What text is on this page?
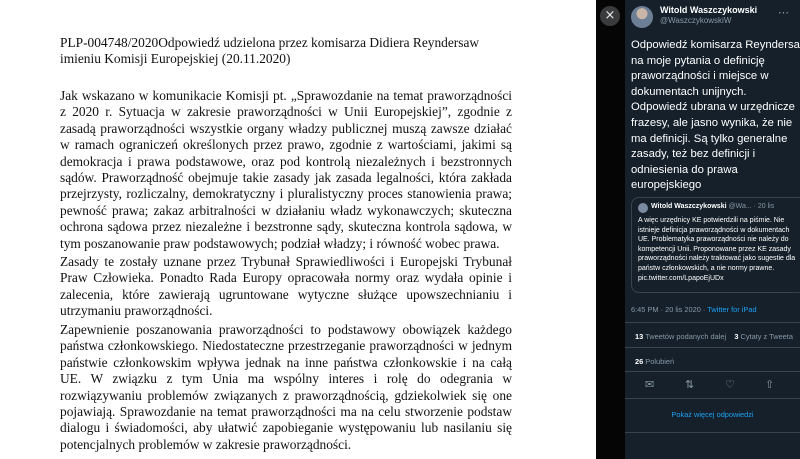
PLP-004748/2020Odpowiedź udzielona przez komisarza Didiera Reyndersaw imieniu Komisji Europejskiej (20.11.2020)

Jak wskazano w komunikacie Komisji pt. „Sprawozdanie na temat praworządności z 2020 r. Sytuacja w zakresie praworządności w Unii Europejskiej”, zgodnie z zasadą praworządności wszystkie organy władzy publicznej muszą zawsze działać w ramach ograniczeń określonych przez prawo, zgodnie z wartościami, jakimi są demokracja i prawa podstawowe, oraz pod kontrolą niezależnych i bezstronnych sądów. Praworządność obejmuje takie zasady jak zasada legalności, która zakłada przejrzysty, rozliczalny, demokratyczny i pluralistyczny proces stanowienia prawa; pewność prawa; zakaz arbitralności w działaniu władz wykonawczych; skuteczna ochrona sądowa przez niezależne i bezstronne sądy, skuteczna kontrola sądowa, w tym poszanowanie praw podstawowych; podział władzy; i równość wobec prawa.

Zasady te zostały uznane przez Trybunał Sprawiedliwości i Europejski Trybunał Praw Człowieka. Ponadto Rada Europy opracowała normy oraz wydała opinie i zalecenia, które zawierają ugruntowane wytyczne służące upowszechnianiu i utrzymaniu praworządności.

Zapewnienie poszanowania praworządności to podstawowy obowiązek każdego państwa członkowskiego. Niedostateczne przestrzeganie praworządności w jednym państwie członkowskim wpływa jednak na inne państwa członkowskie i na całą UE. W związku z tym Unia ma wspólny interes i rolę do odegrania w rozwiązywaniu problemów związanych z praworządnością, gdziekolwiek się one pojawiają. Sprawozdanie na temat praworządności ma na celu stworzenie podstaw dialogu i świadomości, aby ułatwić zapobieganie występowaniu lub nasilaniu się potencjalnych problemów w zakresie praworządności.

×	Witold Waszczykowski
@WaszczykowskiW
⋯

Odpowiedź komisarza Reyndersa na moje pytania o definicję praworządności i miejsce w dokumentach unijnych. Odpowiedź ubrana w urzędnicze frazesy, ale jasno wynika, że nie ma definicji. Są tylko generalne zasady, też bez definicji i odniesienia do prawa europejskiego

Witold Waszczykowski @Wa... · 20 lis

A więc urzędnicy KE potwierdzili na piśmie. Nie istnieje definicja praworządności w dokumentach UE. Problematyka praworządności nie należy do kompetencji Unii. Proponowane przez KE zasady praworządności należy traktować jako sugestie dla państw członkowskich, a nie normy prawne. pic.twitter.com/LpapoEjUDx

6:45 PM · 20 lis 2020 · Twitter for iPad
13 Tweetów podanych dalej 3 Cytaty z Tweeta
26 Polubień
✉	⇅	♡	⇧
Pokaż więcej odpowiedzi
